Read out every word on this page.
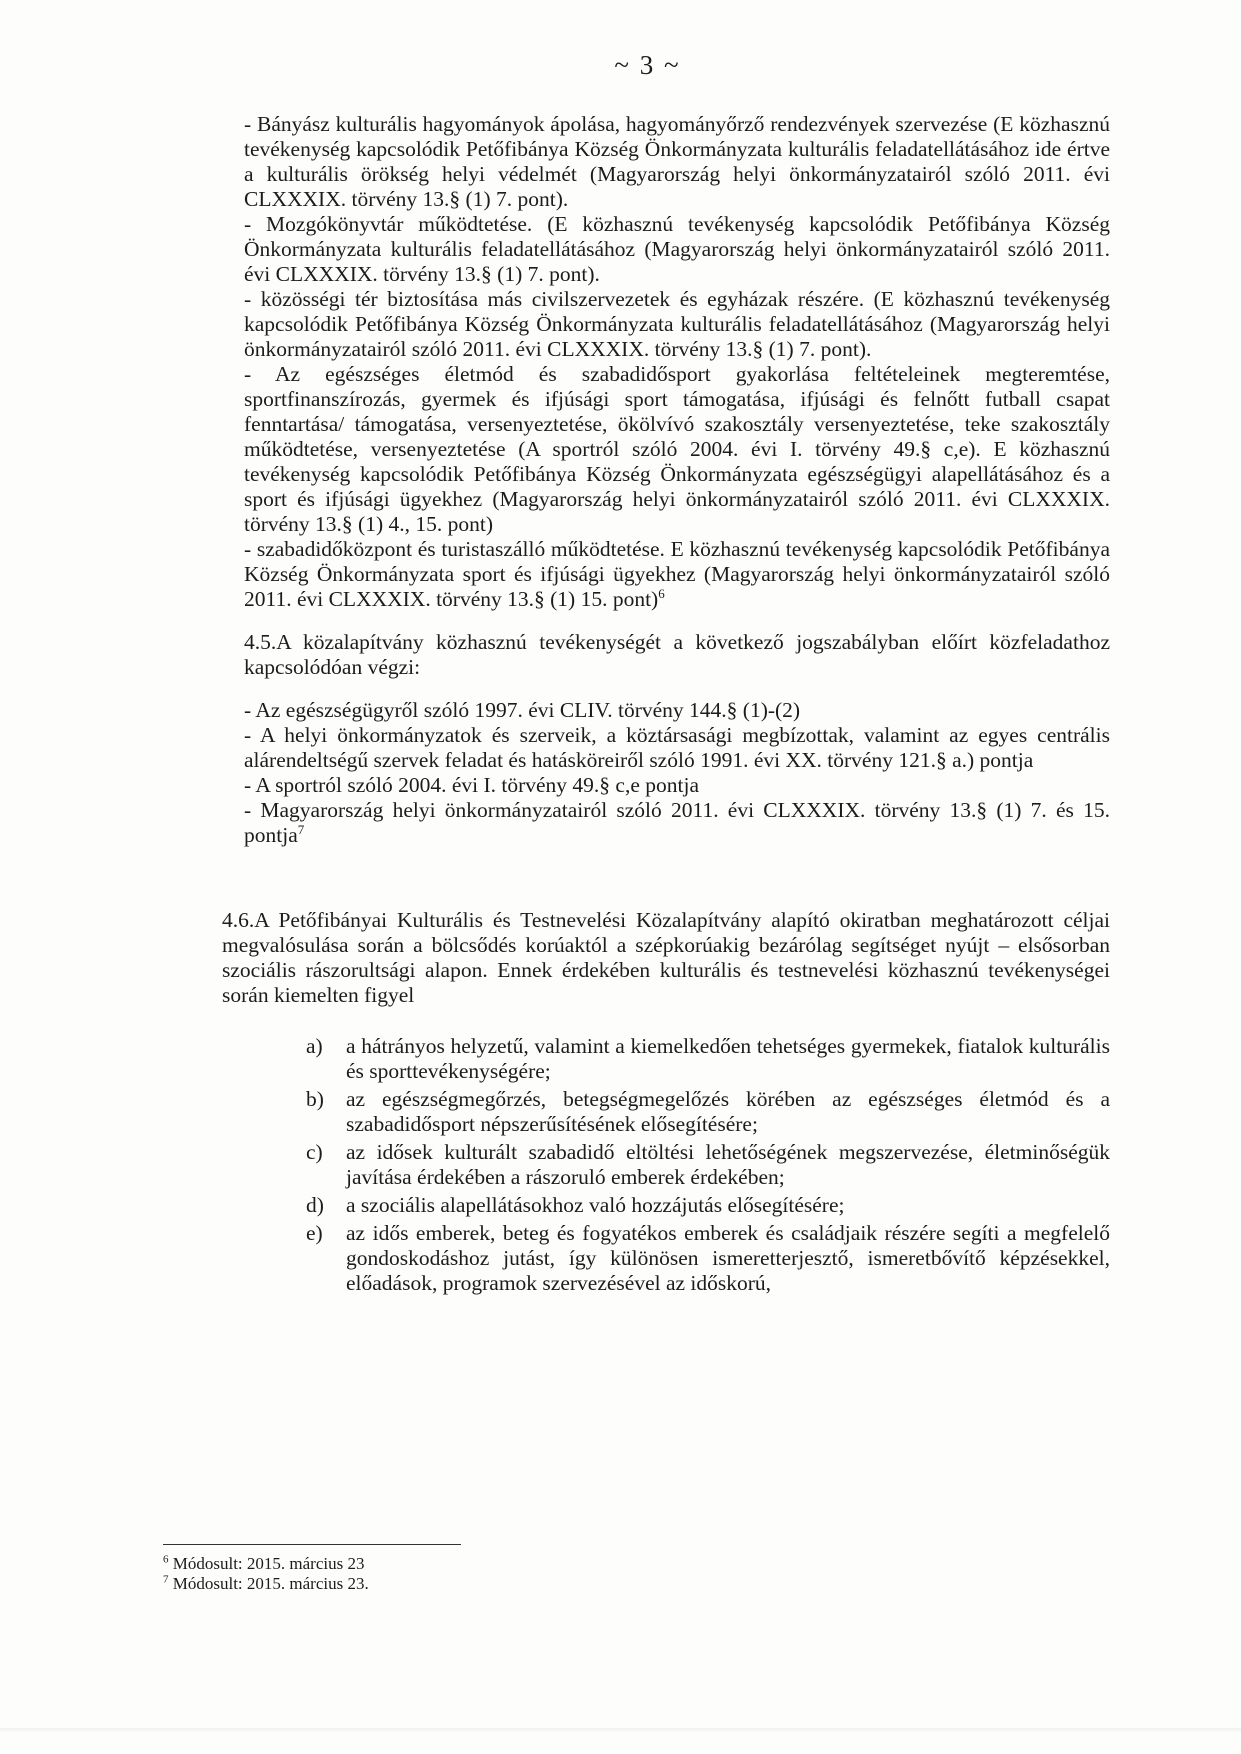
~ 3 ~

- Bányász kulturális hagyományok ápolása, hagyományőrző rendezvények szervezése (E közhasznú tevékenység kapcsolódik Petőfibánya Község Önkormányzata kulturális feladatellátásához ide értve a kulturális örökség helyi védelmét (Magyarország helyi önkormányzatairól szóló 2011. évi CLXXXIX. törvény 13.§ (1) 7. pont).

- Mozgókönyvtár működtetése. (E közhasznú tevékenység kapcsolódik Petőfibánya Község Önkormányzata kulturális feladatellátásához (Magyarország helyi önkormányzatairól szóló 2011. évi CLXXXIX. törvény 13.§ (1) 7. pont).

- közösségi tér biztosítása más civilszervezetek és egyházak részére. (E közhasznú tevékenység kapcsolódik Petőfibánya Község Önkormányzata kulturális feladatellátásához (Magyarország helyi önkormányzatairól szóló 2011. évi CLXXXIX. törvény 13.§ (1) 7. pont).

- Az egészséges életmód és szabadidősport gyakorlása feltételeinek megteremtése, sportfinanszírozás, gyermek és ifjúsági sport támogatása, ifjúsági és felnőtt futball csapat fenntartása/ támogatása, versenyeztetése, ökölvívó szakosztály versenyeztetése, teke szakosztály működtetése, versenyeztetése (A sportról szóló 2004. évi I. törvény 49.§ c,e). E közhasznú tevékenység kapcsolódik Petőfibánya Község Önkormányzata egészségügyi alapellátásához és a sport és ifjúsági ügyekhez (Magyarország helyi önkormányzatairól szóló 2011. évi CLXXXIX. törvény 13.§ (1) 4., 15. pont)

- szabadidőközpont és turistaszálló működtetése. E közhasznú tevékenység kapcsolódik Petőfibánya Község Önkormányzata sport és ifjúsági ügyekhez (Magyarország helyi önkormányzatairól szóló 2011. évi CLXXXIX. törvény 13.§ (1) 15. pont)$^6$

4.5.A közalapítvány közhasznú tevékenységét a következő jogszabályban előírt közfeladathoz kapcsolódóan végzi:

- Az egészségügyről szóló 1997. évi CLIV. törvény 144.§ (1)-(2)

- A helyi önkormányzatok és szerveik, a köztársasági megbízottak, valamint az egyes centrális alárendeltségű szervek feladat és hatásköreiről szóló 1991. évi XX. törvény 121.§ a.) pontja

- A sportról szóló 2004. évi I. törvény 49.§ c,e pontja

- Magyarország helyi önkormányzatairól szóló 2011. évi CLXXXIX. törvény 13.§ (1) 7. és 15. pontja$^7$

4.6.A Petőfibányai Kulturális és Testnevelési Közalapítvány alapító okiratban meghatározott céljai megvalósulása során a bölcsődés korúaktól a szépkorúakig bezárólag segítséget nyújt – elsősorban szociális rászorultsági alapon. Ennek érdekében kulturális és testnevelési közhasznú tevékenységei során kiemelten figyel

a) a hátrányos helyzetű, valamint a kiemelkedően tehetséges gyermekek, fiatalok kulturális és sporttevékenységére;
b) az egészségmegőrzés, betegségmegelőzés körében az egészséges életmód és a szabadidősport népszerűsítésének elősegítésére;
c) az idősek kulturált szabadidő eltöltési lehetőségének megszervezése, életminőségük javítása érdekében a rászoruló emberek érdekében;
d) a szociális alapellátásokhoz való hozzájutás elősegítésére;
e) az idős emberek, beteg és fogyatékos emberek és családjaik részére segíti a megfelelő gondoskodáshoz jutást, így különösen ismeretterjesztő, ismeretbővítő képzésekkel, előadások, programok szervezésével az időskorú,
$^6$ Módosult: 2015. március 23
$^7$ Módosult: 2015. március 23.
